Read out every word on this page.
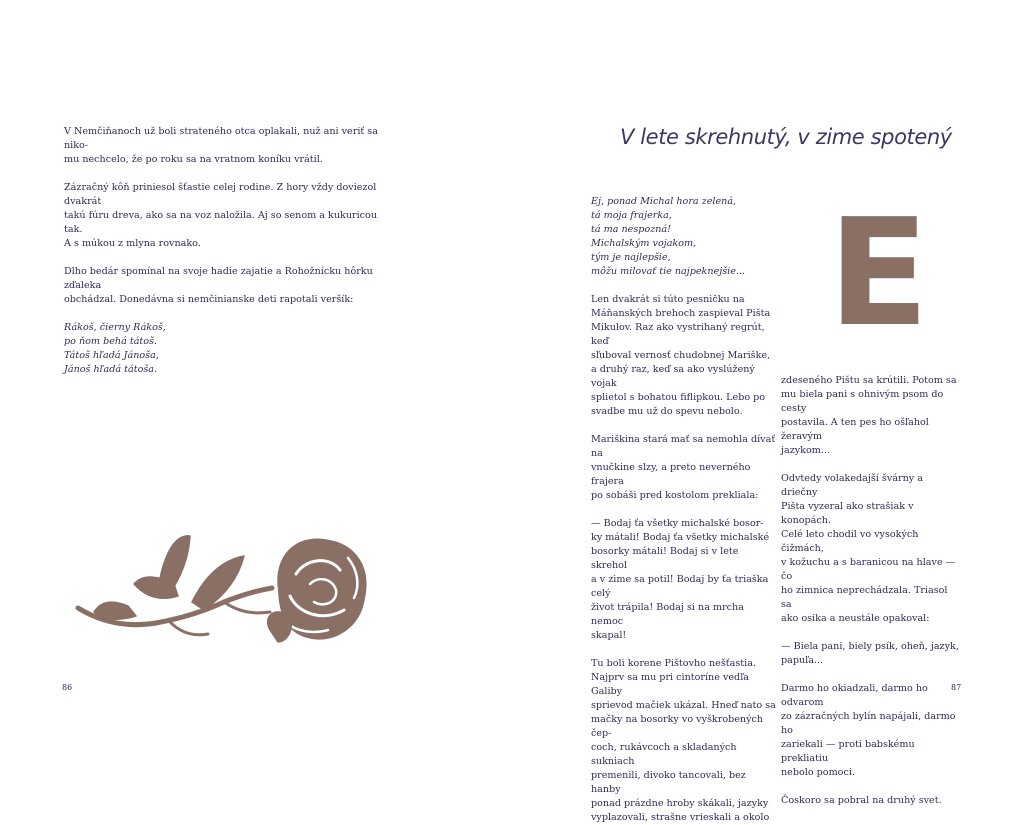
V Nemčiňanoch už boli strateného otca oplakali, nuž ani veriť sa niko-
mu nechcelo, že po roku sa na vratnom koníku vrátil.

Zázračný kôň priniesol šťastie celej rodine. Z hory vždy doviezol dvakrát
takú fúru dreva, ako sa na voz naložila. Aj so senom a kukuricou tak.
A s múkou z mlyna rovnako.

Dlho bedár spomínal na svoje hadie zajatie a Rohožnícku hôrku zďaleka
obchádzal. Donedávna si nemčinianske deti rapotali veršík:

Rákoš, čierny Rákoš,
po ňom behá tátoš.
Tátoš hľadá Jánoša,
Jánoš hľadá tátoša.

86
V lete skrehnutý, v zime spotený

Ej, ponad Michal hora zelená,
tá moja frajerka,
tá ma nespozná!
Michalským vojakom,
tým je najlepšie,
môžu milovať tie najpeknejšie...

Len dvakrát si túto pesničku na
Máňanských brehoch zaspieval Pišta
Mikulov. Raz ako vystrihaný regrút, keď
sľuboval vernosť chudobnej Mariške,
a druhý raz, keď sa ako vyslúžený vojak
splietol s bohatou fiflipkou. Lebo po
svadbe mu už do spevu nebolo.

Mariškina stará mať sa nemohla dívať na
vnučkine slzy, a preto neverného frajera
po sobáši pred kostolom prekliala:

— Bodaj ťa všetky michalské bosor-
ky mátali! Bodaj ťa všetky michalské
bosorky mátali! Bodaj si v lete skrehol
a v zime sa potil! Bodaj by ťa triaška celý
život trápila! Bodaj si na mrcha nemoc
skapal!

Tu boli korene Pištovho nešťastia.
Najprv sa mu pri cintoríne vedľa Galiby
sprievod mačiek ukázal. Hneď nato sa
mačky na bosorky vo vyškrobených čep-
coch, rukávcoch a skladaných sukniach
premenili, divoko tancovali, bez hanby
ponad prázdne hroby skákali, jazyky
vyplazovali, strašne vrieskali a okolo

E

zdeseného Pištu sa krútili. Potom sa
mu biela pani s ohnivým psom do cesty
postavila. A ten pes ho ošľahol žeravým
jazykom...

Odvtedy volakedajší švárny a driečny
Pišta vyzeral ako strašiak v konopách.
Celé leto chodil vo vysokých čižmách,
v kožuchu a s baranicou na hlave — čo
ho zimnica neprechádzala. Triasol sa
ako osika a neustále opakoval:

— Biela pani, biely psík, oheň, jazyk,
papuľa...

Darmo ho okiadzali, darmo ho odvarom
zo zázračných bylín napájali, darmo ho
zariekali — proti babskému prekliatiu
nebolo pomoci.

Čoskoro sa pobral na druhý svet.

87
